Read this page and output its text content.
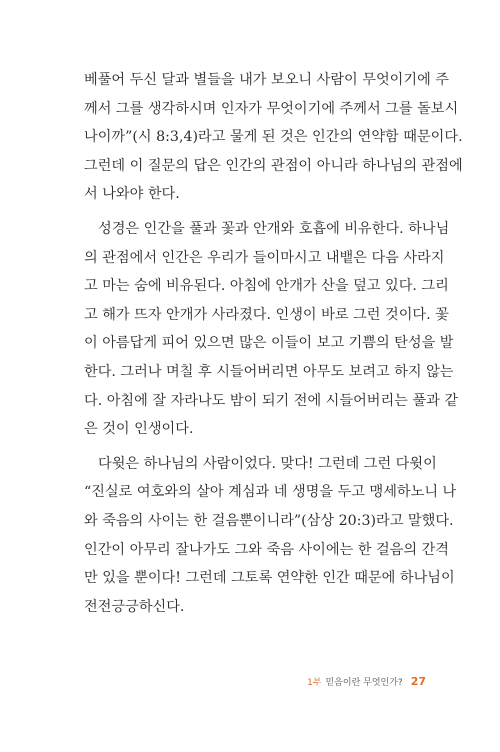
베풀어 두신 달과 별들을 내가 보오니 사람이 무엇이기에 주
께서 그를 생각하시며 인자가 무엇이기에 주께서 그를 돌보시
나이까”(시 8:3,4)라고 물게 된 것은 인간의 연약함 때문이다.
그런데 이 질문의 답은 인간의 관점이 아니라 하나님의 관점에
서 나와야 한다.
성경은 인간을 풀과 꽃과 안개와 호흡에 비유한다. 하나님
의 관점에서 인간은 우리가 들이마시고 내뱉은 다음 사라지
고 마는 숨에 비유된다. 아침에 안개가 산을 덮고 있다. 그리
고 해가 뜨자 안개가 사라졌다. 인생이 바로 그런 것이다. 꽃
이 아름답게 피어 있으면 많은 이들이 보고 기쁨의 탄성을 발
한다. 그러나 며칠 후 시들어버리면 아무도 보려고 하지 않는
다. 아침에 잘 자라나도 밤이 되기 전에 시들어버리는 풀과 같
은 것이 인생이다.
다윗은 하나님의 사람이었다. 맞다! 그런데 그런 다윗이
“진실로 여호와의 살아 계심과 네 생명을 두고 맹세하노니 나
와 죽음의 사이는 한 걸음뿐이니라”(삼상 20:3)라고 말했다.
인간이 아무리 잘나가도 그와 죽음 사이에는 한 걸음의 간격
만 있을 뿐이다! 그런데 그토록 연약한 인간 때문에 하나님이
전전긍긍하신다.
1부 믿음이란 무엇인가? 27
